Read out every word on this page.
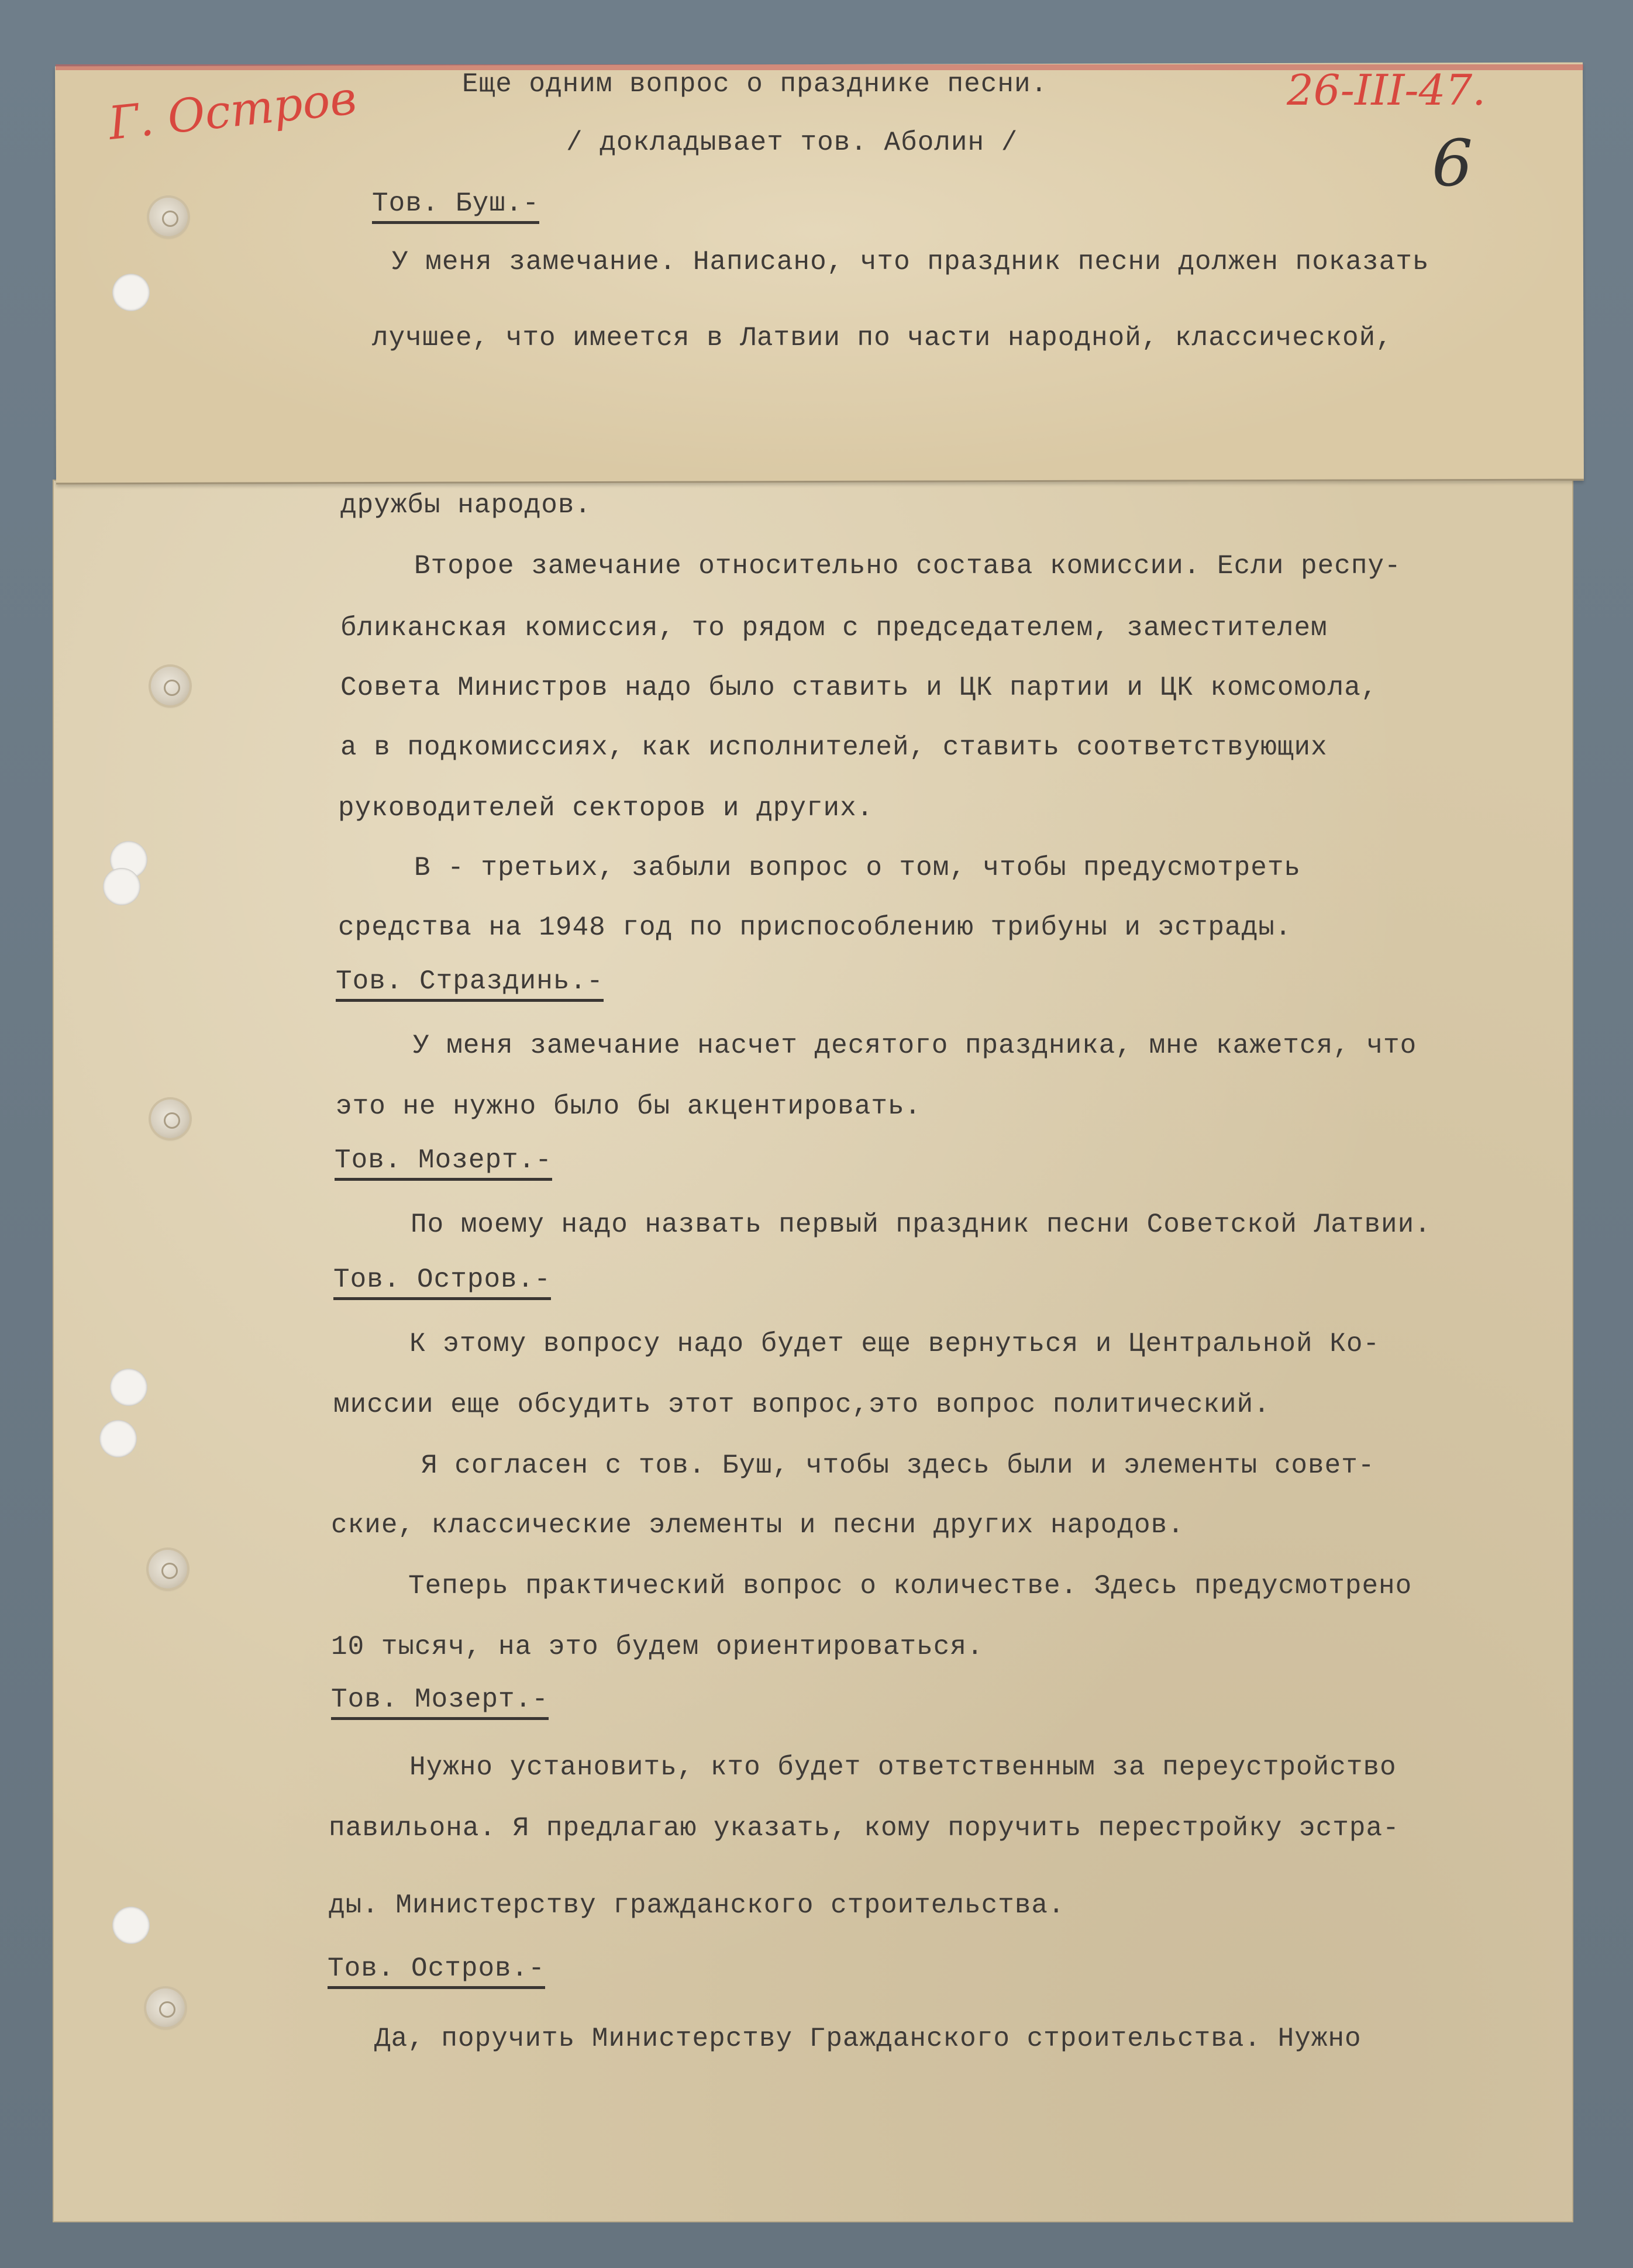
Г. Остров	26-III-47.
6
Еще одним вопрос о празднике песни.
/ докладывает тов. Аболин /
Тов. Буш.-
У меня замечание. Написано, что праздник песни должен показать
лучшее, что имеется в Латвии по части народной, классической,
дружбы народов.
Второе замечание относительно состава комиссии. Если респу-
бликанская комиссия, то рядом с председателем, заместителем
Совета Министров надо было ставить и ЦК партии и ЦК комсомола,
а в подкомиссиях, как исполнителей, ставить соответствующих
руководителей секторов и других.
В - третьих, забыли вопрос о том, чтобы предусмотреть
средства на 1948 год по приспособлению трибуны и эстрады.
Тов. Страздинь.-
У меня замечание насчет десятого праздника, мне кажется, что
это не нужно было бы акцентировать.
Тов. Мозерт.-
По моему надо назвать первый праздник песни Советской Латвии.
Тов. Остров.-
К этому вопросу надо будет еще вернуться и Центральной Ко-
миссии еще обсудить этот вопрос,это вопрос политический.
Я согласен с тов. Буш, чтобы здесь были и элементы совет-
ские, классические элементы и песни других народов.
Теперь практический вопрос о количестве. Здесь предусмотрено
10 тысяч, на это будем ориентироваться.
Тов. Мозерт.-
Нужно установить, кто будет ответственным за переустройство
павильона. Я предлагаю указать, кому поручить перестройку эстра-
ды. Министерству гражданского строительства.
Тов. Остров.-
Да, поручить Министерству Гражданского строительства. Нужно
